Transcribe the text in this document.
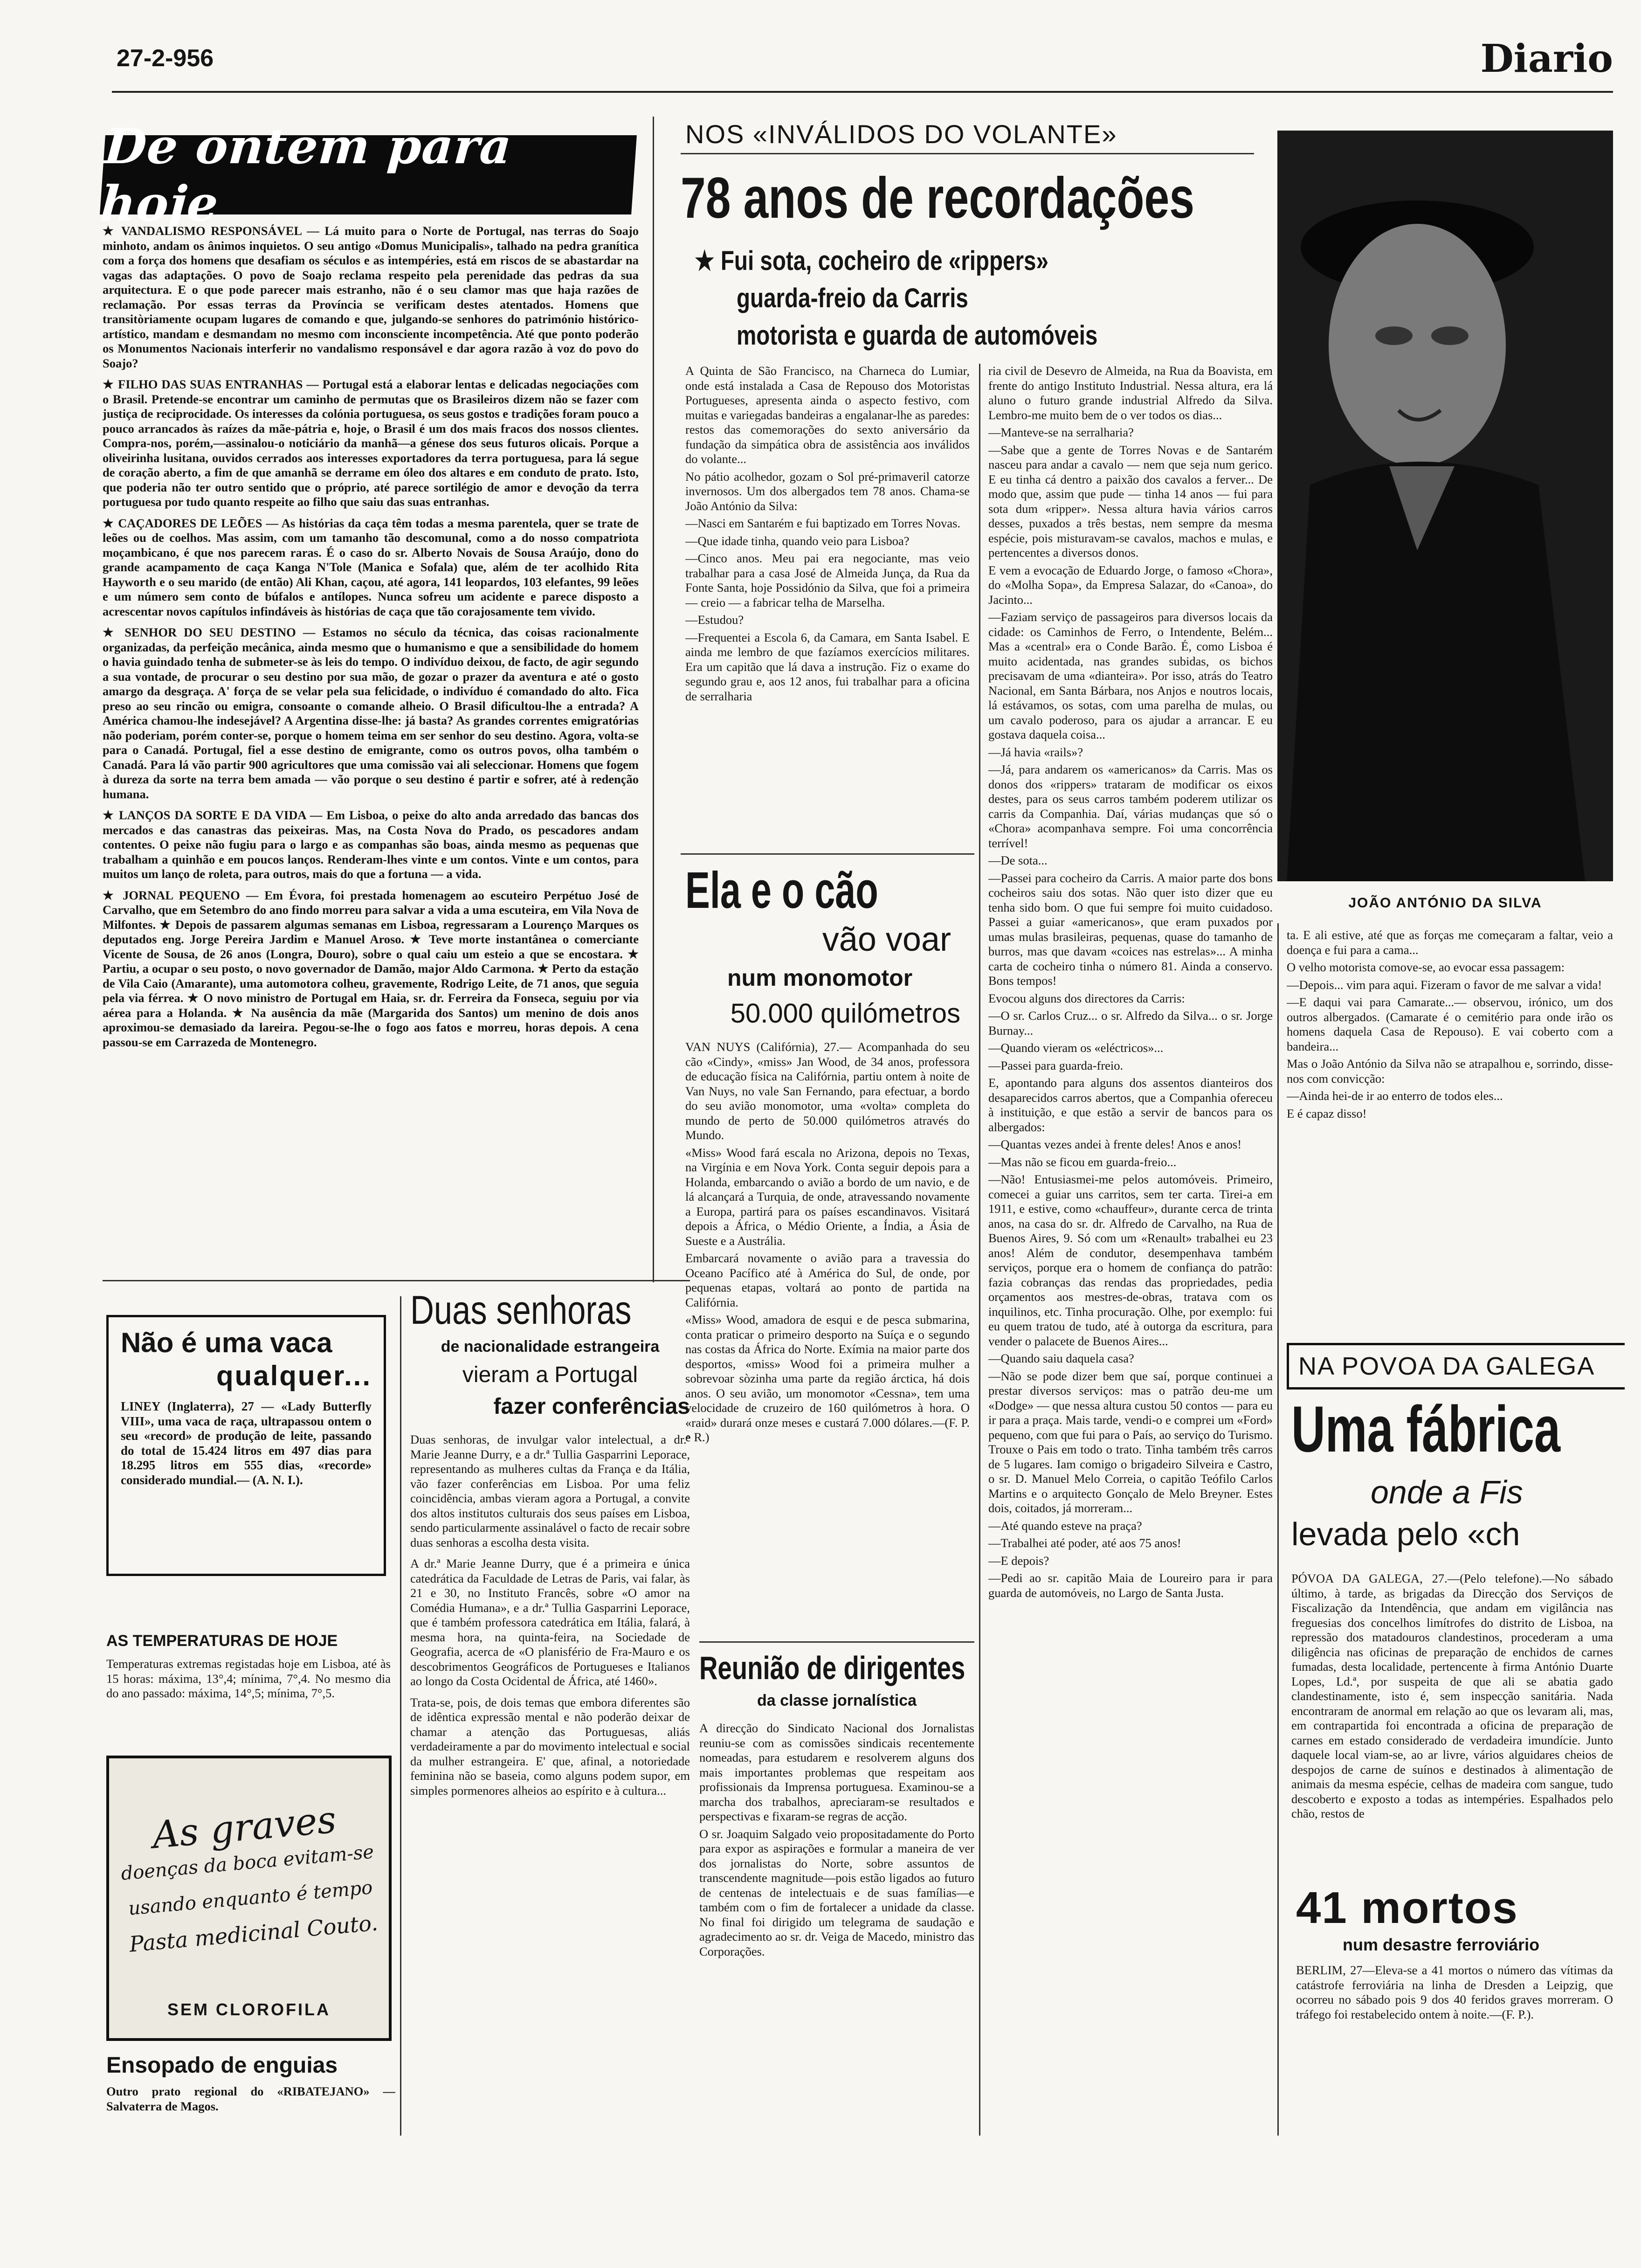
27-2-956	Diario
De ontem para hoje

★ VANDALISMO RESPONSÁVEL — Lá muito para o Norte de Portugal, nas terras do Soajo minhoto, andam os ânimos inquietos. O seu antigo «Domus Municipalis», talhado na pedra granítica com a força dos homens que desafiam os séculos e as intempéries, está em riscos de se abastardar na vagas das adaptações. O povo de Soajo reclama respeito pela perenidade das pedras da sua arquitectura. E o que pode parecer mais estranho, não é o seu clamor mas que haja razões de reclamação. Por essas terras da Província se verificam destes atentados. Homens que transitòriamente ocupam lugares de comando e que, julgando-se senhores do património histórico-artístico, mandam e desmandam no mesmo com inconsciente incompetência. Até que ponto poderão os Monumentos Nacionais interferir no vandalismo responsável e dar agora razão à voz do povo do Soajo?

★ FILHO DAS SUAS ENTRANHAS — Portugal está a elaborar lentas e delicadas negociações com o Brasil. Pretende-se encontrar um caminho de permutas que os Brasileiros dizem não se fazer com justiça de reciprocidade. Os interesses da colónia portuguesa, os seus gostos e tradições foram pouco a pouco arrancados às raízes da mãe-pátria e, hoje, o Brasil é um dos mais fracos dos nossos clientes. Compra-nos, porém,—assinalou-o noticiário da manhã—a génese dos seus futuros olicais. Porque a oliveirinha lusitana, ouvidos cerrados aos interesses exportadores da terra portuguesa, para lá segue de coração aberto, a fim de que amanhã se derrame em óleo dos altares e em conduto de prato. Isto, que poderia não ter outro sentido que o próprio, até parece sortilégio de amor e devoção da terra portuguesa por tudo quanto respeite ao filho que saiu das suas entranhas.

★ CAÇADORES DE LEÕES — As histórias da caça têm todas a mesma parentela, quer se trate de leões ou de coelhos. Mas assim, com um tamanho tão descomunal, como a do nosso compatriota moçambicano, é que nos parecem raras. É o caso do sr. Alberto Novais de Sousa Araújo, dono do grande acampamento de caça Kanga N'Tole (Manica e Sofala) que, além de ter acolhido Rita Hayworth e o seu marido (de então) Ali Khan, caçou, até agora, 141 leopardos, 103 elefantes, 99 leões e um número sem conto de búfalos e antílopes. Nunca sofreu um acidente e parece disposto a acrescentar novos capítulos infindáveis às histórias de caça que tão corajosamente tem vivido.

★ SENHOR DO SEU DESTINO — Estamos no século da técnica, das coisas racionalmente organizadas, da perfeição mecânica, ainda mesmo que o humanismo e que a sensibilidade do homem o havia guindado tenha de submeter-se às leis do tempo. O indivíduo deixou, de facto, de agir segundo a sua vontade, de procurar o seu destino por sua mão, de gozar o prazer da aventura e até o gosto amargo da desgraça. A' força de se velar pela sua felicidade, o indivíduo é comandado do alto. Fica preso ao seu rincão ou emigra, consoante o comande alheio. O Brasil dificultou-lhe a entrada? A América chamou-lhe indesejável? A Argentina disse-lhe: já basta? As grandes correntes emigratórias não poderiam, porém conter-se, porque o homem teima em ser senhor do seu destino. Agora, volta-se para o Canadá. Portugal, fiel a esse destino de emigrante, como os outros povos, olha também o Canadá. Para lá vão partir 900 agricultores que uma comissão vai ali seleccionar. Homens que fogem à dureza da sorte na terra bem amada — vão porque o seu destino é partir e sofrer, até à redenção humana.

★ LANÇOS DA SORTE E DA VIDA — Em Lisboa, o peixe do alto anda arredado das bancas dos mercados e das canastras das peixeiras. Mas, na Costa Nova do Prado, os pescadores andam contentes. O peixe não fugiu para o largo e as companhas são boas, ainda mesmo as pequenas que trabalham a quinhão e em poucos lanços. Renderam-lhes vinte e um contos. Vinte e um contos, para muitos um lanço de roleta, para outros, mais do que a fortuna — a vida.

★ JORNAL PEQUENO — Em Évora, foi prestada homenagem ao escuteiro Perpétuo José de Carvalho, que em Setembro do ano findo morreu para salvar a vida a uma escuteira, em Vila Nova de Milfontes. ★ Depois de passarem algumas semanas em Lisboa, regressaram a Lourenço Marques os deputados eng. Jorge Pereira Jardim e Manuel Aroso. ★ Teve morte instantânea o comerciante Vicente de Sousa, de 26 anos (Longra, Douro), sobre o qual caiu um esteio a que se encostara. ★ Partiu, a ocupar o seu posto, o novo governador de Damão, major Aldo Carmona. ★ Perto da estação de Vila Caio (Amarante), uma automotora colheu, gravemente, Rodrigo Leite, de 71 anos, que seguia pela via férrea. ★ O novo ministro de Portugal em Haia, sr. dr. Ferreira da Fonseca, seguiu por via aérea para a Holanda. ★ Na ausência da mãe (Margarida dos Santos) um menino de dois anos aproximou-se demasiado da lareira. Pegou-se-lhe o fogo aos fatos e morreu, horas depois. A cena passou-se em Carrazeda de Montenegro.

Não é uma vaca
qualquer...

LINEY (Inglaterra), 27 — «Lady Butterfly VIII», uma vaca de raça, ultrapassou ontem o seu «record» de produção de leite, passando do total de 15.424 litros em 497 dias para 18.295 litros em 555 dias, «recorde» considerado mundial.— (A. N. I.).

AS TEMPERATURAS DE HOJE

Temperaturas extremas registadas hoje em Lisboa, até às 15 horas: máxima, 13°,4; mínima, 7°,4. No mesmo dia do ano passado: máxima, 14°,5; mínima, 7°,5.

As graves
doenças da boca evitam-se
usando enquanto é tempo
Pasta medicinal Couto.
SEM CLOROFILA
Ensopado de enguias

Outro prato regional do «RIBATEJANO» — Salvaterra de Magos.

Duas senhoras
de nacionalidade estrangeira
vieram a Portugal
fazer conferências

Duas senhoras, de invulgar valor intelectual, a dr.ª Marie Jeanne Durry, e a dr.ª Tullia Gasparrini Leporace, representando as mulheres cultas da França e da Itália, vão fazer conferências em Lisboa. Por uma feliz coincidência, ambas vieram agora a Portugal, a convite dos altos institutos culturais dos seus países em Lisboa, sendo particularmente assinalável o facto de recair sobre duas senhoras a escolha desta visita.

A dr.ª Marie Jeanne Durry, que é a primeira e única catedrática da Faculdade de Letras de Paris, vai falar, às 21 e 30, no Instituto Francês, sobre «O amor na Comédia Humana», e a dr.ª Tullia Gasparrini Leporace, que é também professora catedrática em Itália, falará, à mesma hora, na quinta-feira, na Sociedade de Geografia, acerca de «O planisfério de Fra-Mauro e os descobrimentos Geográficos de Portugueses e Italianos ao longo da Costa Ocidental de África, até 1460».

Trata-se, pois, de dois temas que embora diferentes são de idêntica expressão mental e não poderão deixar de chamar a atenção das Portuguesas, aliás verdadeiramente a par do movimento intelectual e social da mulher estrangeira. E' que, afinal, a notoriedade feminina não se baseia, como alguns podem supor, em simples pormenores alheios ao espírito e à cultura...

NOS «INVÁLIDOS DO VOLANTE»
78 anos de recordações
★ Fui sota, cocheiro de «rippers»
guarda-freio da Carris
motorista e guarda de automóveis

A Quinta de São Francisco, na Charneca do Lumiar, onde está instalada a Casa de Repouso dos Motoristas Portugueses, apresenta ainda o aspecto festivo, com muitas e variegadas bandeiras a engalanar-lhe as paredes: restos das comemorações do sexto aniversário da fundação da simpática obra de assistência aos inválidos do volante...

No pátio acolhedor, gozam o Sol pré-primaveril catorze invernosos. Um dos albergados tem 78 anos. Chama-se João António da Silva:

—Nasci em Santarém e fui baptizado em Torres Novas.

—Que idade tinha, quando veio para Lisboa?

—Cinco anos. Meu pai era negociante, mas veio trabalhar para a casa José de Almeida Junça, da Rua da Fonte Santa, hoje Possidónio da Silva, que foi a primeira — creio — a fabricar telha de Marselha.

—Estudou?

—Frequentei a Escola 6, da Camara, em Santa Isabel. E ainda me lembro de que fazíamos exercícios militares. Era um capitão que lá dava a instrução. Fiz o exame do segundo grau e, aos 12 anos, fui trabalhar para a oficina de serralharia

ria civil de Desevro de Almeida, na Rua da Boavista, em frente do antigo Instituto Industrial. Nessa altura, era lá aluno o futuro grande industrial Alfredo da Silva. Lembro-me muito bem de o ver todos os dias...

—Manteve-se na serralharia?

—Sabe que a gente de Torres Novas e de Santarém nasceu para andar a cavalo — nem que seja num gerico. E eu tinha cá dentro a paixão dos cavalos a ferver... De modo que, assim que pude — tinha 14 anos — fui para sota dum «ripper». Nessa altura havia vários carros desses, puxados a três bestas, nem sempre da mesma espécie, pois misturavam-se cavalos, machos e mulas, e pertencentes a diversos donos.

E vem a evocação de Eduardo Jorge, o famoso «Chora», do «Molha Sopa», da Empresa Salazar, do «Canoa», do Jacinto...

—Faziam serviço de passageiros para diversos locais da cidade: os Caminhos de Ferro, o Intendente, Belém... Mas a «central» era o Conde Barão. É, como Lisboa é muito acidentada, nas grandes subidas, os bichos precisavam de uma «dianteira». Por isso, atrás do Teatro Nacional, em Santa Bárbara, nos Anjos e noutros locais, lá estávamos, os sotas, com uma parelha de mulas, ou um cavalo poderoso, para os ajudar a arrancar. E eu gostava daquela coisa...

—Já havia «rails»?

—Já, para andarem os «americanos» da Carris. Mas os donos dos «rippers» trataram de modificar os eixos destes, para os seus carros também poderem utilizar os carris da Companhia. Daí, várias mudanças que só o «Chora» acompanhava sempre. Foi uma concorrência terrível!

—De sota...

—Passei para cocheiro da Carris. A maior parte dos bons cocheiros saiu dos sotas. Não quer isto dizer que eu tenha sido bom. O que fui sempre foi muito cuidadoso. Passei a guiar «americanos», que eram puxados por umas mulas brasileiras, pequenas, quase do tamanho de burros, mas que davam «coices nas estrelas»... A minha carta de cocheiro tinha o número 81. Ainda a conservo. Bons tempos!

Evocou alguns dos directores da Carris:

—O sr. Carlos Cruz... o sr. Alfredo da Silva... o sr. Jorge Burnay...

—Quando vieram os «eléctricos»...

—Passei para guarda-freio.

E, apontando para alguns dos assentos dianteiros dos desaparecidos carros abertos, que a Companhia ofereceu à instituição, e que estão a servir de bancos para os albergados:

—Quantas vezes andei à frente deles! Anos e anos!

—Mas não se ficou em guarda-freio...

—Não! Entusiasmei-me pelos automóveis. Primeiro, comecei a guiar uns carritos, sem ter carta. Tirei-a em 1911, e estive, como «chauffeur», durante cerca de trinta anos, na casa do sr. dr. Alfredo de Carvalho, na Rua de Buenos Aires, 9. Só com um «Renault» trabalhei eu 23 anos! Além de condutor, desempenhava também serviços, porque era o homem de confiança do patrão: fazia cobranças das rendas das propriedades, pedia orçamentos aos mestres-de-obras, tratava com os inquilinos, etc. Tinha procuração. Olhe, por exemplo: fui eu quem tratou de tudo, até à outorga da escritura, para vender o palacete de Buenos Aires...

—Quando saiu daquela casa?

—Não se pode dizer bem que saí, porque continuei a prestar diversos serviços: mas o patrão deu-me um «Dodge» — que nessa altura custou 50 contos — para eu ir para a praça. Mais tarde, vendi-o e comprei um «Ford» pequeno, com que fui para o País, ao serviço do Turismo. Trouxe o Pais em todo o trato. Tinha também três carros de 5 lugares. Iam comigo o brigadeiro Silveira e Castro, o sr. D. Manuel Melo Correia, o capitão Teófilo Carlos Martins e o arquitecto Gonçalo de Melo Breyner. Estes dois, coitados, já morreram...

—Até quando esteve na praça?

—Trabalhei até poder, até aos 75 anos!

—E depois?

—Pedi ao sr. capitão Maia de Loureiro para ir para guarda de automóveis, no Largo de Santa Justa.

Ela e o cão
vão voar
num monomotor
50.000 quilómetros

VAN NUYS (Califórnia), 27.— Acompanhada do seu cão «Cindy», «miss» Jan Wood, de 34 anos, professora de educação física na Califórnia, partiu ontem à noite de Van Nuys, no vale San Fernando, para efectuar, a bordo do seu avião monomotor, uma «volta» completa do mundo de perto de 50.000 quilómetros através do Mundo.

«Miss» Wood fará escala no Arizona, depois no Texas, na Virgínia e em Nova York. Conta seguir depois para a Holanda, embarcando o avião a bordo de um navio, e de lá alcançará a Turquia, de onde, atravessando novamente a Europa, partirá para os países escandinavos. Visitará depois a África, o Médio Oriente, a Índia, a Ásia de Sueste e a Austrália.

Embarcará novamente o avião para a travessia do Oceano Pacífico até à América do Sul, de onde, por pequenas etapas, voltará ao ponto de partida na Califórnia.

«Miss» Wood, amadora de esqui e de pesca submarina, conta praticar o primeiro desporto na Suíça e o segundo nas costas da África do Norte. Exímia na maior parte dos desportos, «miss» Wood foi a primeira mulher a sobrevoar sòzinha uma parte da região árctica, há dois anos. O seu avião, um monomotor «Cessna», tem uma velocidade de cruzeiro de 160 quilómetros à hora. O «raid» durará onze meses e custará 7.000 dólares.—(F. P. e R.)

Reunião de dirigentes
da classe jornalística

A direcção do Sindicato Nacional dos Jornalistas reuniu-se com as comissões sindicais recentemente nomeadas, para estudarem e resolverem alguns dos mais importantes problemas que respeitam aos profissionais da Imprensa portuguesa. Examinou-se a marcha dos trabalhos, apreciaram-se resultados e perspectivas e fixaram-se regras de acção.

O sr. Joaquim Salgado veio propositadamente do Porto para expor as aspirações e formular a maneira de ver dos jornalistas do Norte, sobre assuntos de transcendente magnitude—pois estão ligados ao futuro de centenas de intelectuais e de suas famílias—e também com o fim de fortalecer a unidade da classe. No final foi dirigido um telegrama de saudação e agradecimento ao sr. dr. Veiga de Macedo, ministro das Corporações.

JOÃO ANTÓNIO DA SILVA

ta. E ali estive, até que as forças me começaram a faltar, veio a doença e fui para a cama...

O velho motorista comove-se, ao evocar essa passagem:

—Depois... vim para aqui. Fizeram o favor de me salvar a vida!

—E daqui vai para Camarate...— observou, irónico, um dos outros albergados. (Camarate é o cemitério para onde irão os homens daquela Casa de Repouso). E vai coberto com a bandeira...

Mas o João António da Silva não se atrapalhou e, sorrindo, disse-nos com convicção:

—Ainda hei-de ir ao enterro de todos eles...

E é capaz disso!

NA POVOA DA GALEGA
Uma fábrica
onde a Fis
levada pelo «ch

PÓVOA DA GALEGA, 27.—(Pelo telefone).—No sábado último, à tarde, as brigadas da Direcção dos Serviços de Fiscalização da Intendência, que andam em vigilância nas freguesias dos concelhos limítrofes do distrito de Lisboa, na repressão dos matadouros clandestinos, procederam a uma diligência nas oficinas de preparação de enchidos de carnes fumadas, desta localidade, pertencente à firma António Duarte Lopes, Ld.ª, por suspeita de que ali se abatia gado clandestinamente, isto é, sem inspecção sanitária. Nada encontraram de anormal em relação ao que os levaram ali, mas, em contrapartida foi encontrada a oficina de preparação de carnes em estado considerado de verdadeira imundície. Junto daquele local viam-se, ao ar livre, vários alguidares cheios de despojos de carne de suínos e destinados à alimentação de animais da mesma espécie, celhas de madeira com sangue, tudo descoberto e exposto a todas as intempéries. Espalhados pelo chão, restos de

41 mortos
num desastre ferroviário

BERLIM, 27—Eleva-se a 41 mortos o número das vítimas da catástrofe ferroviária na linha de Dresden a Leipzig, que ocorreu no sábado pois 9 dos 40 feridos graves morreram. O tráfego foi restabelecido ontem à noite.—(F. P.).
